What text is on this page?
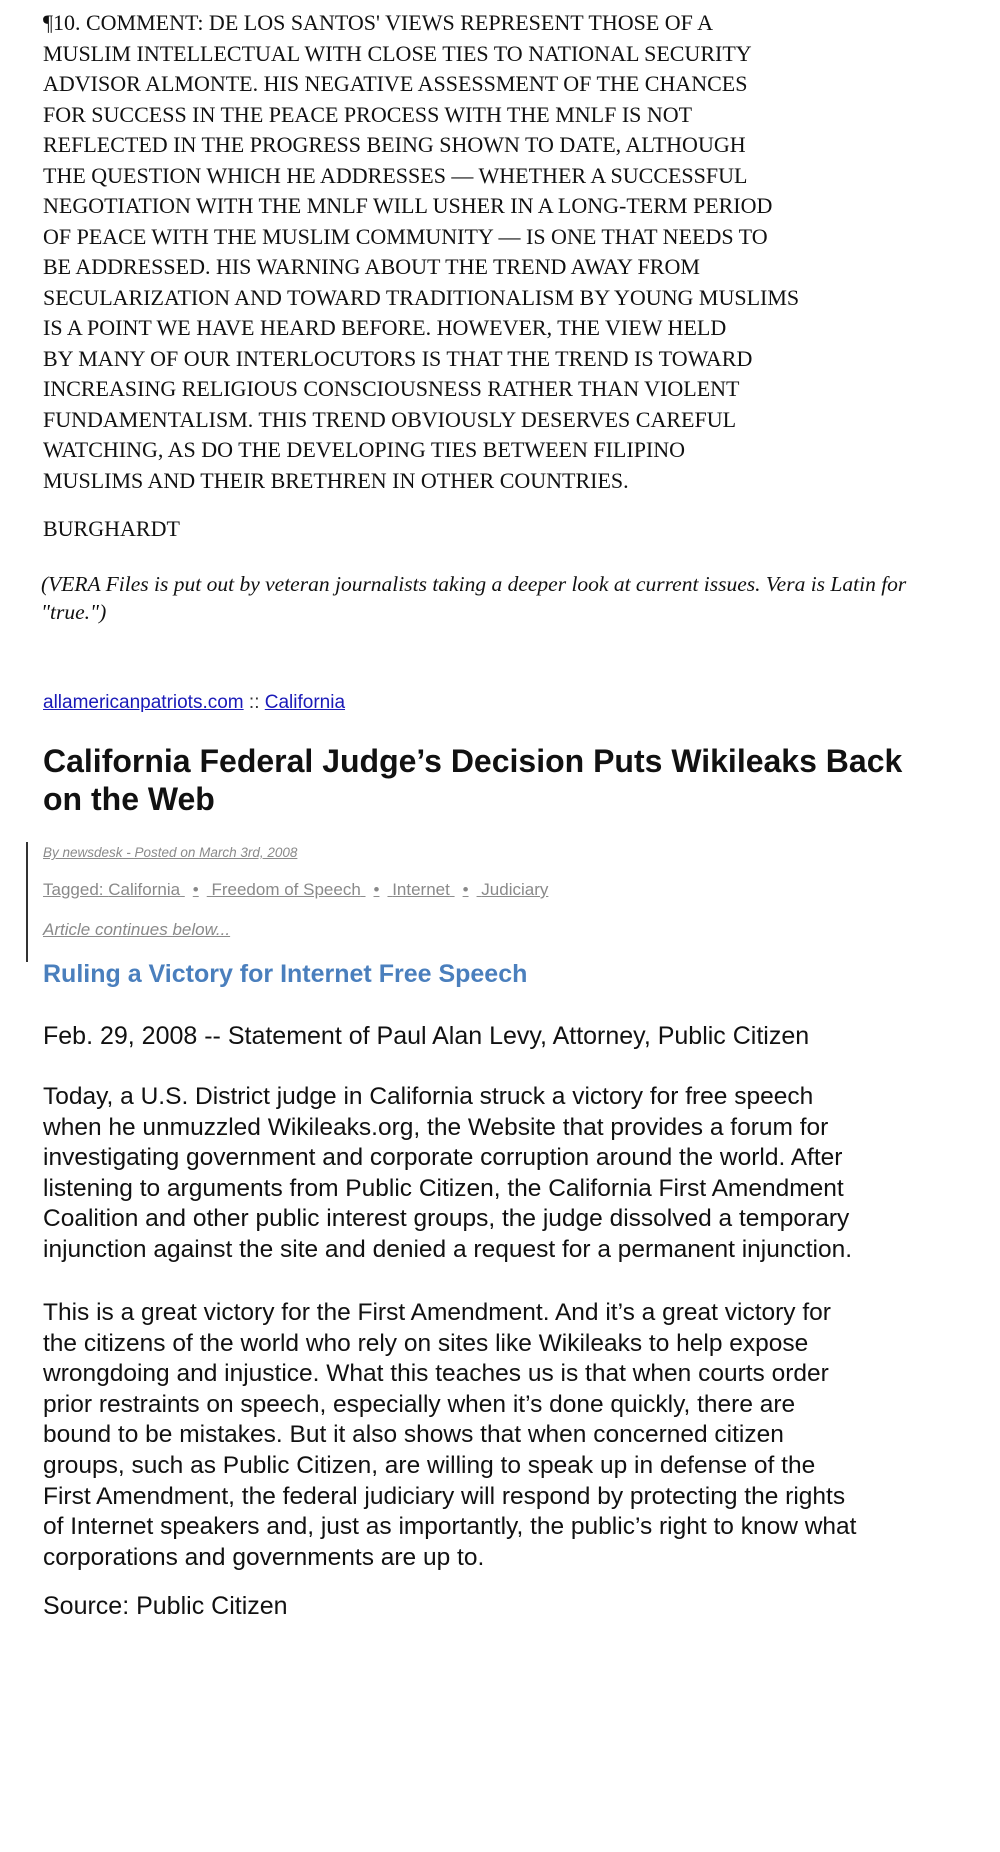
¶10. COMMENT: DE LOS SANTOS' VIEWS REPRESENT THOSE OF A
MUSLIM INTELLECTUAL WITH CLOSE TIES TO NATIONAL SECURITY
ADVISOR ALMONTE. HIS NEGATIVE ASSESSMENT OF THE CHANCES
FOR SUCCESS IN THE PEACE PROCESS WITH THE MNLF IS NOT
REFLECTED IN THE PROGRESS BEING SHOWN TO DATE, ALTHOUGH
THE QUESTION WHICH HE ADDRESSES — WHETHER A SUCCESSFUL
NEGOTIATION WITH THE MNLF WILL USHER IN A LONG-TERM PERIOD
OF PEACE WITH THE MUSLIM COMMUNITY — IS ONE THAT NEEDS TO
BE ADDRESSED. HIS WARNING ABOUT THE TREND AWAY FROM
SECULARIZATION AND TOWARD TRADITIONALISM BY YOUNG MUSLIMS
IS A POINT WE HAVE HEARD BEFORE. HOWEVER, THE VIEW HELD
BY MANY OF OUR INTERLOCUTORS IS THAT THE TREND IS TOWARD
INCREASING RELIGIOUS CONSCIOUSNESS RATHER THAN VIOLENT
FUNDAMENTALISM. THIS TREND OBVIOUSLY DESERVES CAREFUL
WATCHING, AS DO THE DEVELOPING TIES BETWEEN FILIPINO
MUSLIMS AND THEIR BRETHREN IN OTHER COUNTRIES.
BURGHARDT
(VERA Files is put out by veteran journalists taking a deeper look at current issues. Vera is Latin for "true.")
allamericanpatriots.com :: California
California Federal Judge’s Decision Puts Wikileaks Back on the Web
By newsdesk - Posted on March 3rd, 2008
Tagged: California • Freedom of Speech • Internet • Judiciary
Article continues below...
Ruling a Victory for Internet Free Speech
Feb. 29, 2008 -- Statement of Paul Alan Levy, Attorney, Public Citizen

Today, a U.S. District judge in California struck a victory for free speech
when he unmuzzled Wikileaks.org, the Website that provides a forum for
investigating government and corporate corruption around the world. After
listening to arguments from Public Citizen, the California First Amendment
Coalition and other public interest groups, the judge dissolved a temporary
injunction against the site and denied a request for a permanent injunction.

This is a great victory for the First Amendment. And it’s a great victory for
the citizens of the world who rely on sites like Wikileaks to help expose
wrongdoing and injustice. What this teaches us is that when courts order
prior restraints on speech, especially when it’s done quickly, there are
bound to be mistakes. But it also shows that when concerned citizen
groups, such as Public Citizen, are willing to speak up in defense of the
First Amendment, the federal judiciary will respond by protecting the rights
of Internet speakers and, just as importantly, the public’s right to know what
corporations and governments are up to.

Source: Public Citizen
